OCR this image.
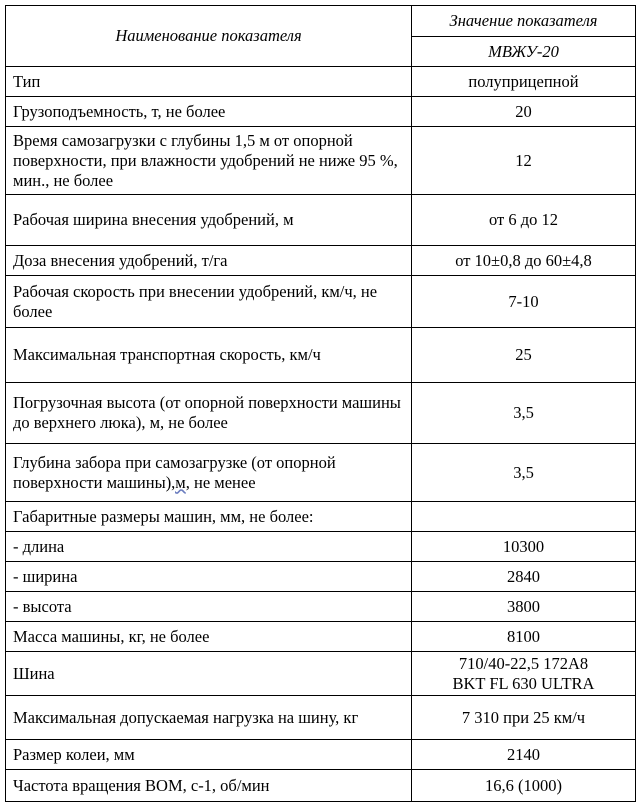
Наименование показателя	Значение показателя
	МВЖУ-20
Тип	полуприцепной
Грузоподъемность, т, не более	20
Время самозагрузки с глубины 1,5 м от опорной поверхности, при влажности удобрений не ниже 95 %, мин., не более	12
Рабочая ширина внесения удобрений, м	от 6 до 12
Доза внесения удобрений, т/га	от 10±0,8 до 60±4,8
Рабочая скорость при внесении удобрений, км/ч, не более	7-10
Максимальная транспортная скорость, км/ч	25
Погрузочная высота (от опорной поверхности машины до верхнего люка), м, не более	3,5
Глубина забора при самозагрузке (от опорной поверхности машины),м, не менее	3,5
Габаритные размеры машин, мм, не более:	
- длина	10300
- ширина	2840
- высота	3800
Масса машины, кг, не более	8100
Шина	710/40-22,5 172A8
BKT FL 630 ULTRA

Максимальная допускаемая нагрузка на шину, кг	7 310 при 25 км/ч
Размер колеи, мм	2140
Частота вращения ВОМ, с-1, об/мин	16,6 (1000)
